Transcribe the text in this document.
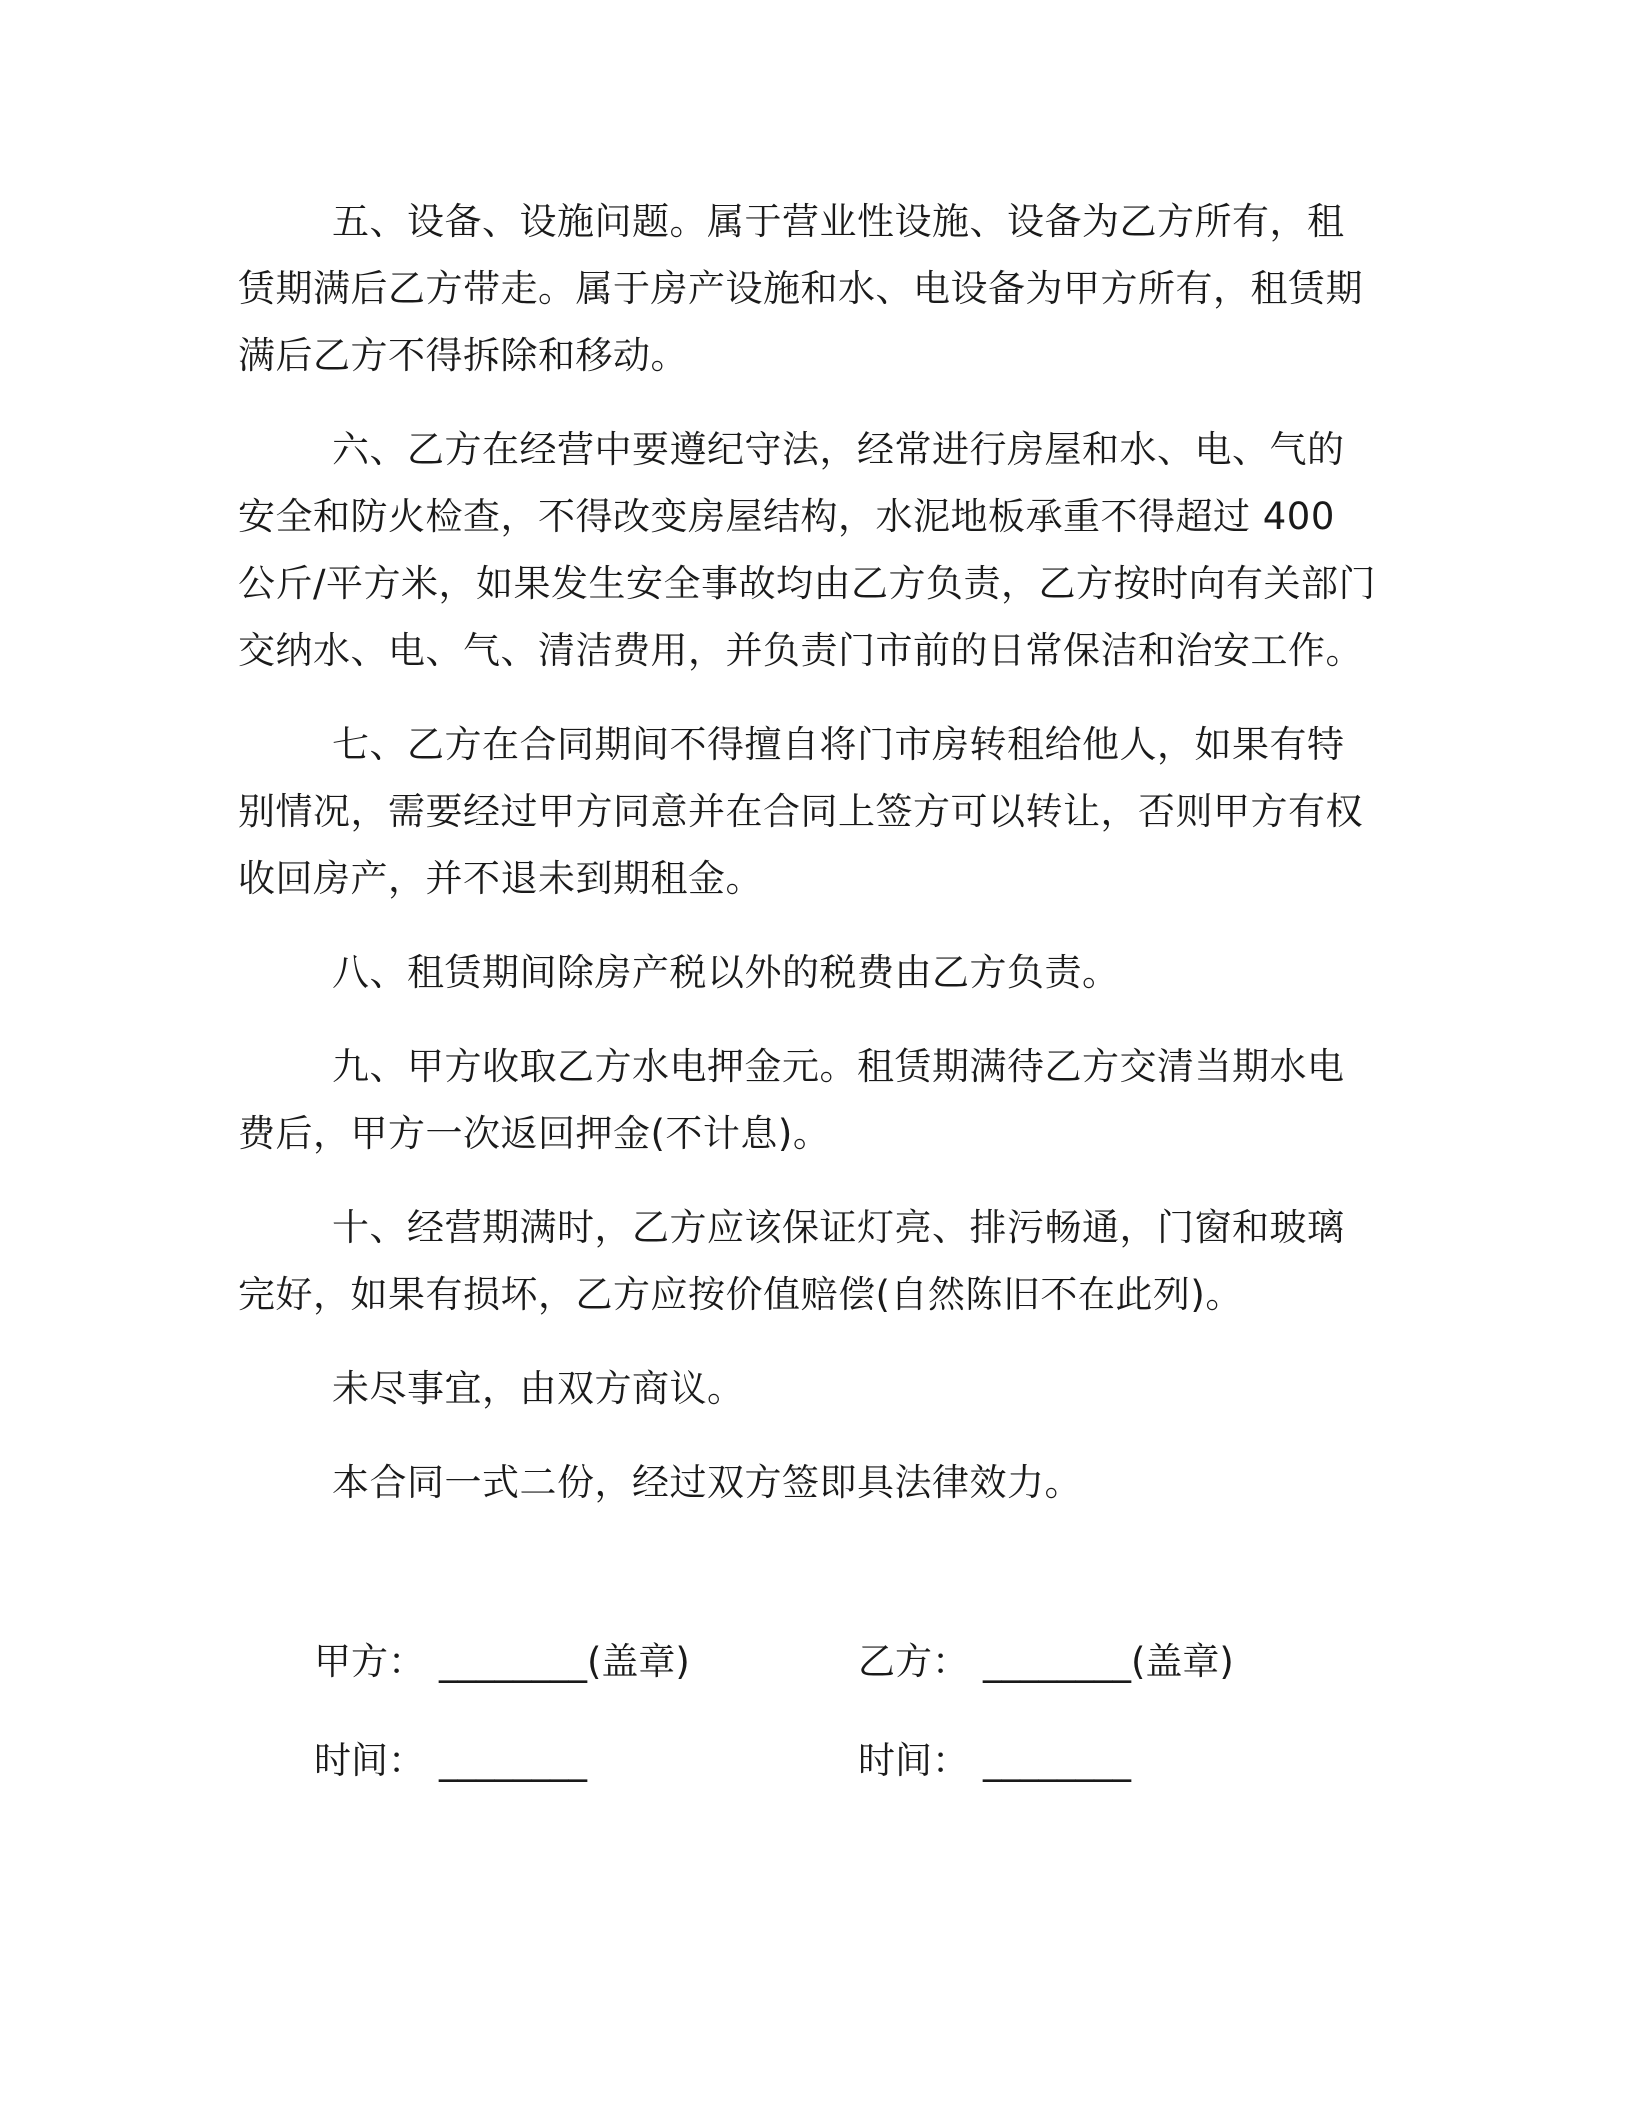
五、设备、设施问题。属于营业性设施、设备为乙方所有，租赁期满后乙方带走。属于房产设施和水、电设备为甲方所有，租赁期满后乙方不得拆除和移动。

六、乙方在经营中要遵纪守法，经常进行房屋和水、电、气的安全和防火检查，不得改变房屋结构，水泥地板承重不得超过 400 公斤/平方米，如果发生安全事故均由乙方负责，乙方按时向有关部门交纳水、电、气、清洁费用，并负责门市前的日常保洁和治安工作。

七、乙方在合同期间不得擅自将门市房转租给他人，如果有特别情况，需要经过甲方同意并在合同上签方可以转让，否则甲方有权收回房产，并不退未到期租金。

八、租赁期间除房产税以外的税费由乙方负责。

九、甲方收取乙方水电押金元。租赁期满待乙方交清当期水电费后，甲方一次返回押金(不计息)。

十、经营期满时，乙方应该保证灯亮、排污畅通，门窗和玻璃完好，如果有损坏，乙方应按价值赔偿(自然陈旧不在此列)。

未尽事宜，由双方商议。

本合同一式二份，经过双方签即具法律效力。

甲方： ________(盖章)	乙方： ________(盖章)
时间： ________	时间： ________
